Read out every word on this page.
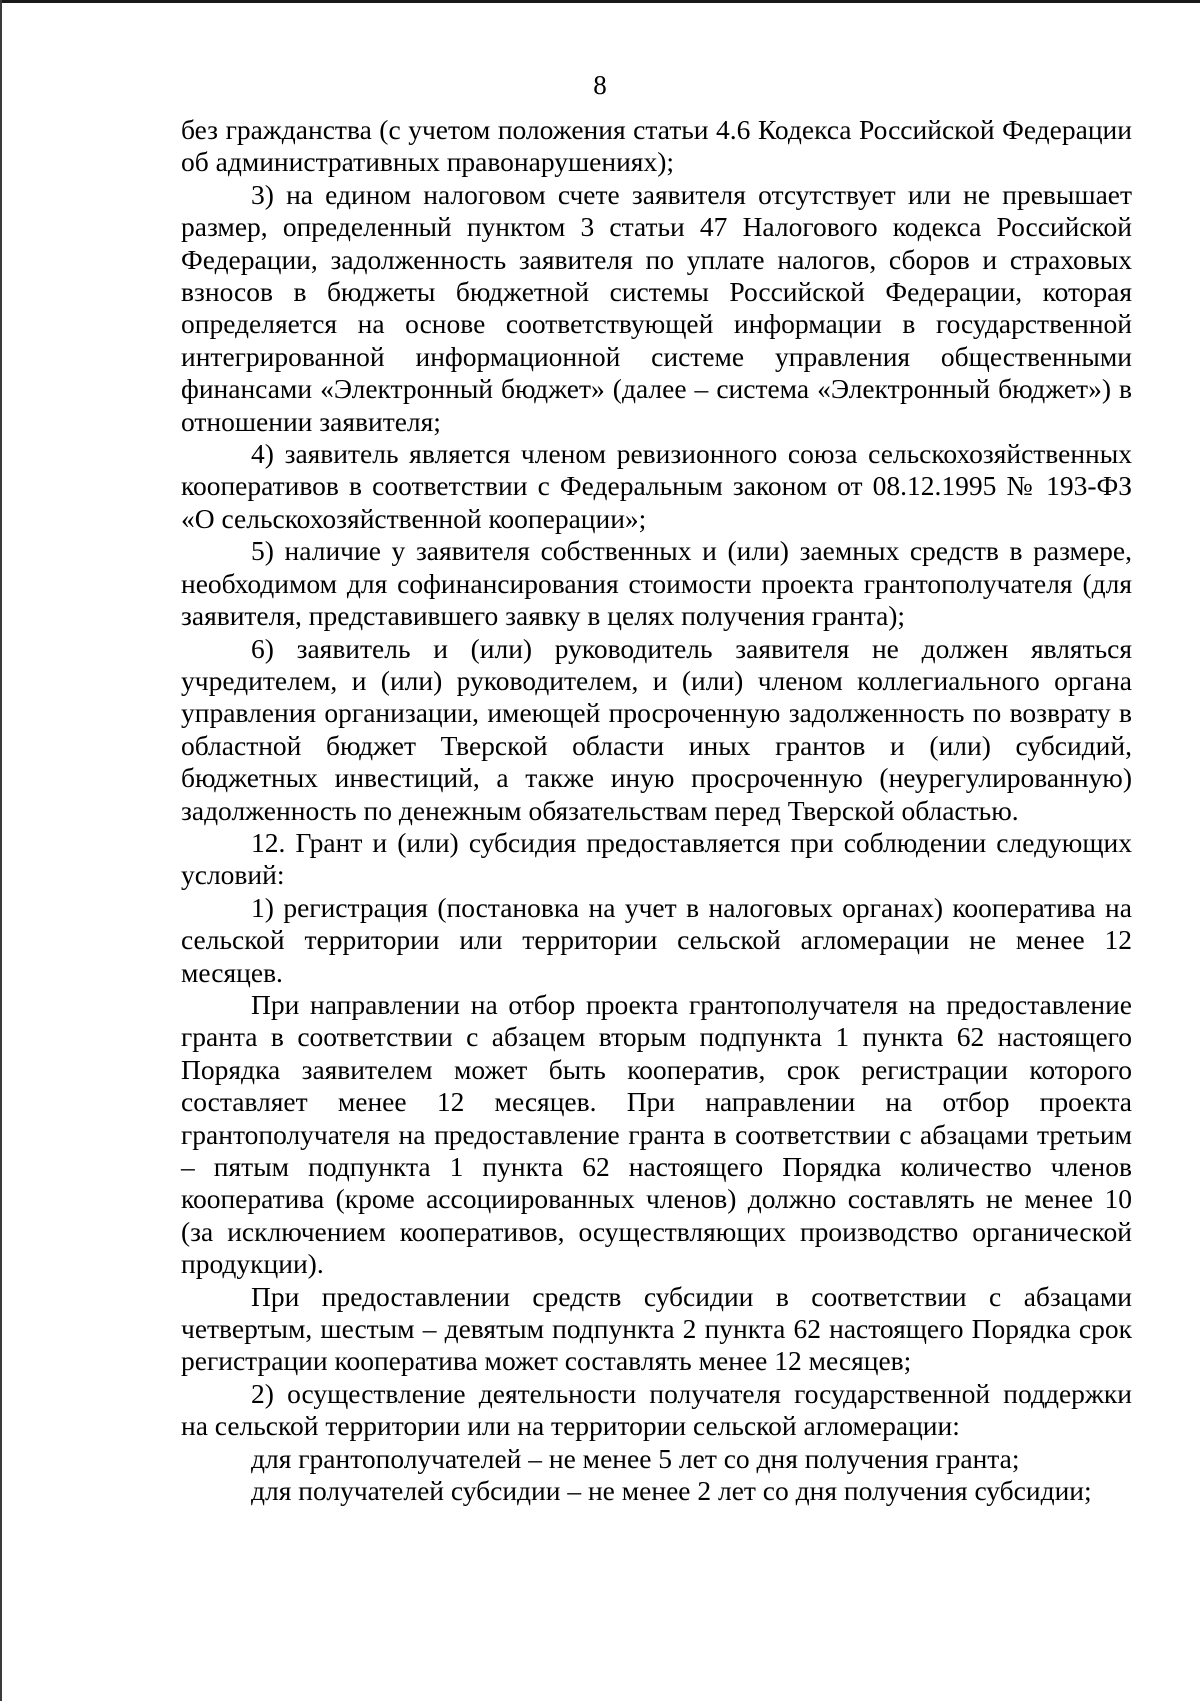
8

без гражданства (с учетом положения статьи 4.6 Кодекса Российской Федерации об административных правонарушениях);

3) на едином налоговом счете заявителя отсутствует или не превышает размер, определенный пунктом 3 статьи 47 Налогового кодекса Российской Федерации, задолженность заявителя по уплате налогов, сборов и страховых взносов в бюджеты бюджетной системы Российской Федерации, которая определяется на основе соответствующей информации в государственной интегрированной информационной системе управления общественными финансами «Электронный бюджет» (далее – система «Электронный бюджет») в отношении заявителя;

4) заявитель является членом ревизионного союза сельскохозяйственных кооперативов в соответствии с Федеральным законом от 08.12.1995 № 193-ФЗ «О сельскохозяйственной кооперации»;

5) наличие у заявителя собственных и (или) заемных средств в размере, необходимом для софинансирования стоимости проекта грантополучателя (для заявителя, представившего заявку в целях получения гранта);

6) заявитель и (или) руководитель заявителя не должен являться учредителем, и (или) руководителем, и (или) членом коллегиального органа управления организации, имеющей просроченную задолженность по возврату в областной бюджет Тверской области иных грантов и (или) субсидий, бюджетных инвестиций, а также иную просроченную (неурегулированную) задолженность по денежным обязательствам перед Тверской областью.

12. Грант и (или) субсидия предоставляется при соблюдении следующих условий:

1) регистрация (постановка на учет в налоговых органах) кооператива на сельской территории или территории сельской агломерации не менее 12 месяцев.

При направлении на отбор проекта грантополучателя на предоставление гранта в соответствии с абзацем вторым подпункта 1 пункта 62 настоящего Порядка заявителем может быть кооператив, срок регистрации которого составляет менее 12 месяцев. При направлении на отбор проекта грантополучателя на предоставление гранта в соответствии с абзацами третьим – пятым подпункта 1 пункта 62 настоящего Порядка количество членов кооператива (кроме ассоциированных членов) должно составлять не менее 10 (за исключением кооперативов, осуществляющих производство органической продукции).

При предоставлении средств субсидии в соответствии с абзацами четвертым, шестым – девятым подпункта 2 пункта 62 настоящего Порядка срок регистрации кооператива может составлять менее 12 месяцев;

2) осуществление деятельности получателя государственной поддержки на сельской территории или на территории сельской агломерации:

для грантополучателей – не менее 5 лет со дня получения гранта;

для получателей субсидии – не менее 2 лет со дня получения субсидии;
